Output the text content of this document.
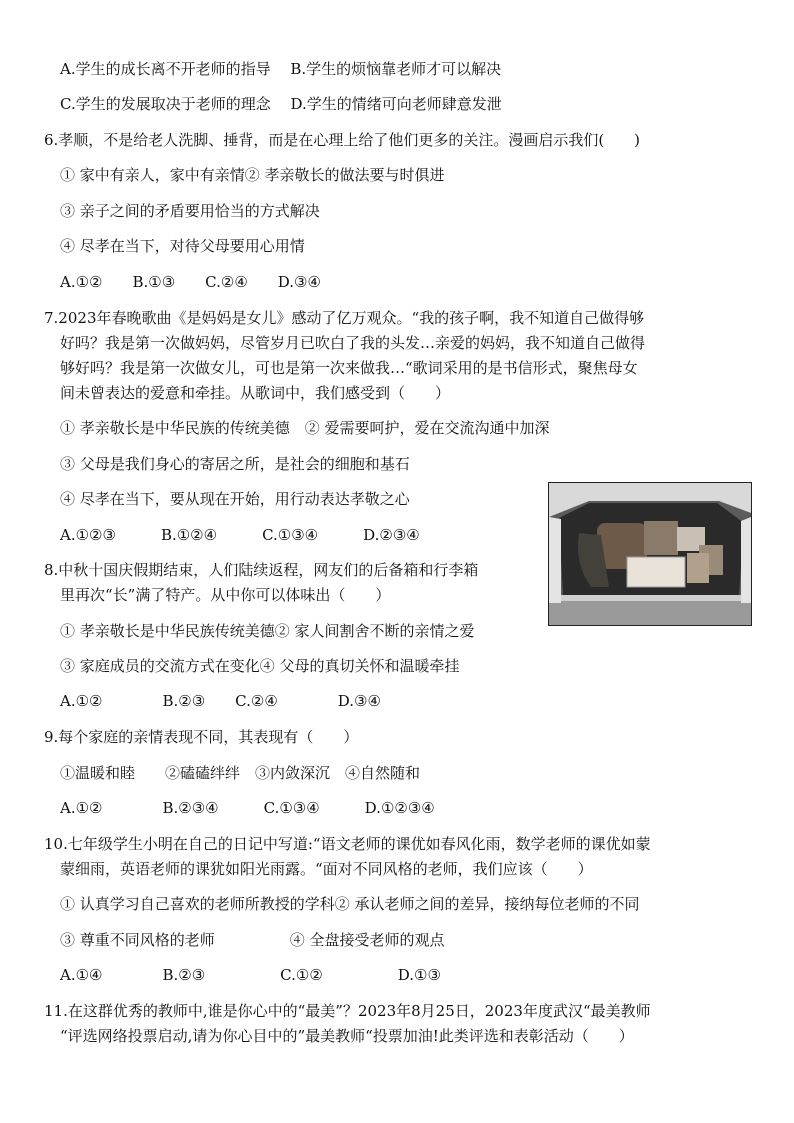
A.学生的成长离不开老师的指导　 B.学生的烦恼靠老师才可以解决
C.学生的发展取决于老师的理念　 D.学生的情绪可向老师肆意发泄
6.孝顺，不是给老人洗脚、捶背，而是在心理上给了他们更多的关注。漫画启示我们(　　)
① 家中有亲人，家中有亲情② 孝亲敬长的做法要与时俱进
③ 亲子之间的矛盾要用恰当的方式解决
④ 尽孝在当下，对待父母要用心用情
A.①②　　B.①③　　C.②④　　D.③④
7.2023年春晚歌曲《是妈妈是女儿》感动了亿万观众。“我的孩子啊，我不知道自己做得够
好吗？我是第一次做妈妈，尽管岁月已吹白了我的头发…亲爱的妈妈，我不知道自己做得
够好吗？我是第一次做女儿，可也是第一次来做我…“歌词采用的是书信形式，聚焦母女
间未曾表达的爱意和牵挂。从歌词中，我们感受到（　　）
① 孝亲敬长是中华民族的传统美德　② 爱需要呵护，爱在交流沟通中加深
③ 父母是我们身心的寄居之所，是社会的细胞和基石
④ 尽孝在当下，要从现在开始，用行动表达孝敬之心
A.①②③　　　B.①②④　　　C.①③④　　　D.②③④
8.中秋十国庆假期结束，人们陆续返程，网友们的后备箱和行李箱
里再次“长”满了特产。从中你可以体味出（　　）
① 孝亲敬长是中华民族传统美德② 家人间割舍不断的亲情之爱
③ 家庭成员的交流方式在变化④ 父母的真切关怀和温暖牵挂
A.①②　　　　B.②③　　C.②④　　　　D.③④
9.每个家庭的亲情表现不同，其表现有（　　）
①温暖和睦　　②磕磕绊绊　③内敛深沉　④自然随和
A.①②　　　　B.②③④　　　C.①③④　　　D.①②③④
10.七年级学生小明在自己的日记中写道:“语文老师的课优如春风化雨，数学老师的课优如蒙
蒙细雨，英语老师的课犹如阳光雨露。“面对不同风格的老师，我们应该（　　）
① 认真学习自己喜欢的老师所教授的学科② 承认老师之间的差异，接纳每位老师的不同
③ 尊重不同风格的老师　　　　　④ 全盘接受老师的观点
A.①④　　　　B.②③　　　　　C.①②　　　　　D.①③
11.在这群优秀的教师中,谁是你心中的“最美”？2023年8月25日，2023年度武汉“最美教师
“评选网络投票启动,请为你心目中的”最美教师“投票加油!此类评选和表彰活动（　　）
